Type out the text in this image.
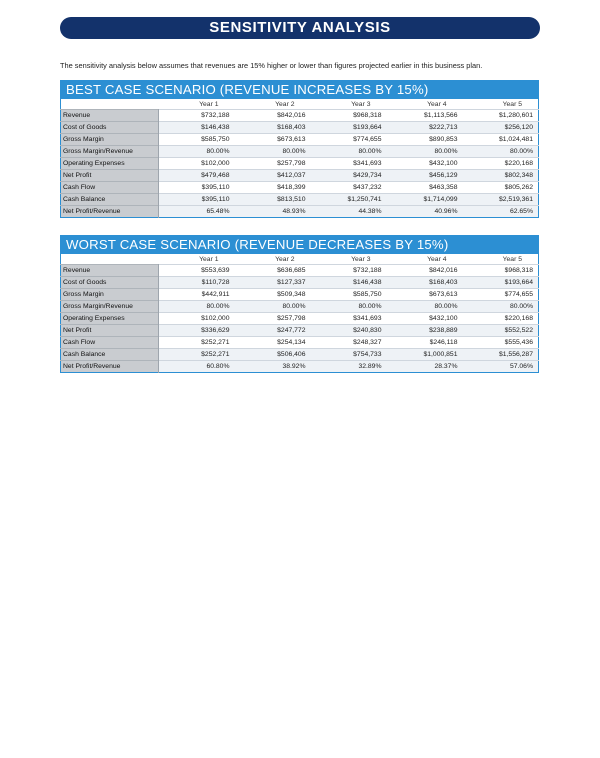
SENSITIVITY ANALYSIS
The sensitivity analysis below assumes that revenues are 15% higher or lower than figures projected earlier in this business plan.
BEST CASE SCENARIO (REVENUE INCREASES BY 15%)
	Year 1	Year 2	Year 3	Year 4	Year 5
Revenue	$732,188	$842,016	$968,318	$1,113,566	$1,280,601
Cost of Goods	$146,438	$168,403	$193,664	$222,713	$256,120
Gross Margin	$585,750	$673,613	$774,655	$890,853	$1,024,481
Gross Margin/Revenue	80.00%	80.00%	80.00%	80.00%	80.00%
Operating Expenses	$102,000	$257,798	$341,693	$432,100	$220,168
Net Profit	$479,468	$412,037	$429,734	$456,129	$802,348
Cash Flow	$395,110	$418,399	$437,232	$463,358	$805,262
Cash Balance	$395,110	$813,510	$1,250,741	$1,714,099	$2,519,361
Net Profit/Revenue	65.48%	48.93%	44.38%	40.96%	62.65%
WORST CASE SCENARIO (REVENUE DECREASES BY 15%)
	Year 1	Year 2	Year 3	Year 4	Year 5
Revenue	$553,639	$636,685	$732,188	$842,016	$968,318
Cost of Goods	$110,728	$127,337	$146,438	$168,403	$193,664
Gross Margin	$442,911	$509,348	$585,750	$673,613	$774,655
Gross Margin/Revenue	80.00%	80.00%	80.00%	80.00%	80.00%
Operating Expenses	$102,000	$257,798	$341,693	$432,100	$220,168
Net Profit	$336,629	$247,772	$240,830	$238,889	$552,522
Cash Flow	$252,271	$254,134	$248,327	$246,118	$555,436
Cash Balance	$252,271	$506,406	$754,733	$1,000,851	$1,556,287
Net Profit/Revenue	60.80%	38.92%	32.89%	28.37%	57.06%
